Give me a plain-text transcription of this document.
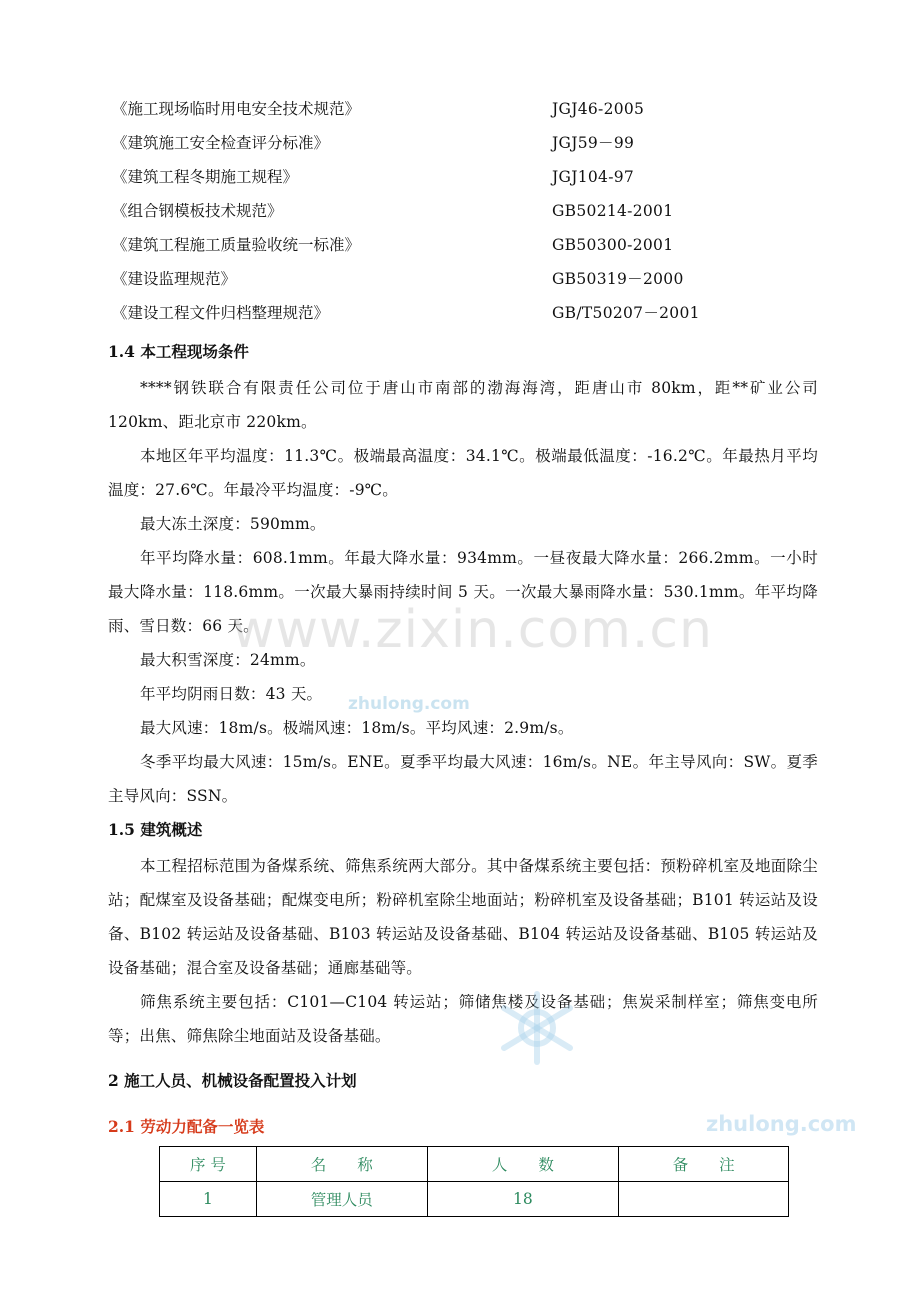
《施工现场临时用电安全技术规范》	JGJ46-2005
《建筑施工安全检查评分标准》	JGJ59－99
《建筑工程冬期施工规程》	JGJ104-97
《组合钢模板技术规范》	GB50214-2001
《建筑工程施工质量验收统一标准》	GB50300-2001
《建设监理规范》	GB50319－2000
《建设工程文件归档整理规范》	GB/T50207－2001

1.4 本工程现场条件

****钢铁联合有限责任公司位于唐山市南部的渤海海湾，距唐山市 80km，距**矿业公司 120km、距北京市 220km。

本地区年平均温度：11.3℃。极端最高温度：34.1℃。极端最低温度：-16.2℃。年最热月平均温度：27.6℃。年最冷平均温度：-9℃。

最大冻土深度：590mm。

年平均降水量：608.1mm。年最大降水量：934mm。一昼夜最大降水量：266.2mm。一小时最大降水量：118.6mm。一次最大暴雨持续时间 5 天。一次最大暴雨降水量：530.1mm。年平均降雨、雪日数：66 天。

最大积雪深度：24mm。

年平均阴雨日数：43 天。

最大风速：18m/s。极端风速：18m/s。平均风速：2.9m/s。

冬季平均最大风速：15m/s。ENE。夏季平均最大风速：16m/s。NE。年主导风向：SW。夏季主导风向：SSN。

1.5 建筑概述

本工程招标范围为备煤系统、筛焦系统两大部分。其中备煤系统主要包括：预粉碎机室及地面除尘站；配煤室及设备基础；配煤变电所；粉碎机室除尘地面站；粉碎机室及设备基础；B101 转运站及设备、B102 转运站及设备基础、B103 转运站及设备基础、B104 转运站及设备基础、B105 转运站及设备基础；混合室及设备基础；通廊基础等。

筛焦系统主要包括：C101—C104 转运站；筛储焦楼及设备基础；焦炭采制样室；筛焦变电所等；出焦、筛焦除尘地面站及设备基础。

2 施工人员、机械设备配置投入计划

2.1 劳动力配备一览表

序 号	名　　称	人　　数	备　　注
1	管理人员	18	
www.zixin.com.cn
zhulong.com
zhulong.com
